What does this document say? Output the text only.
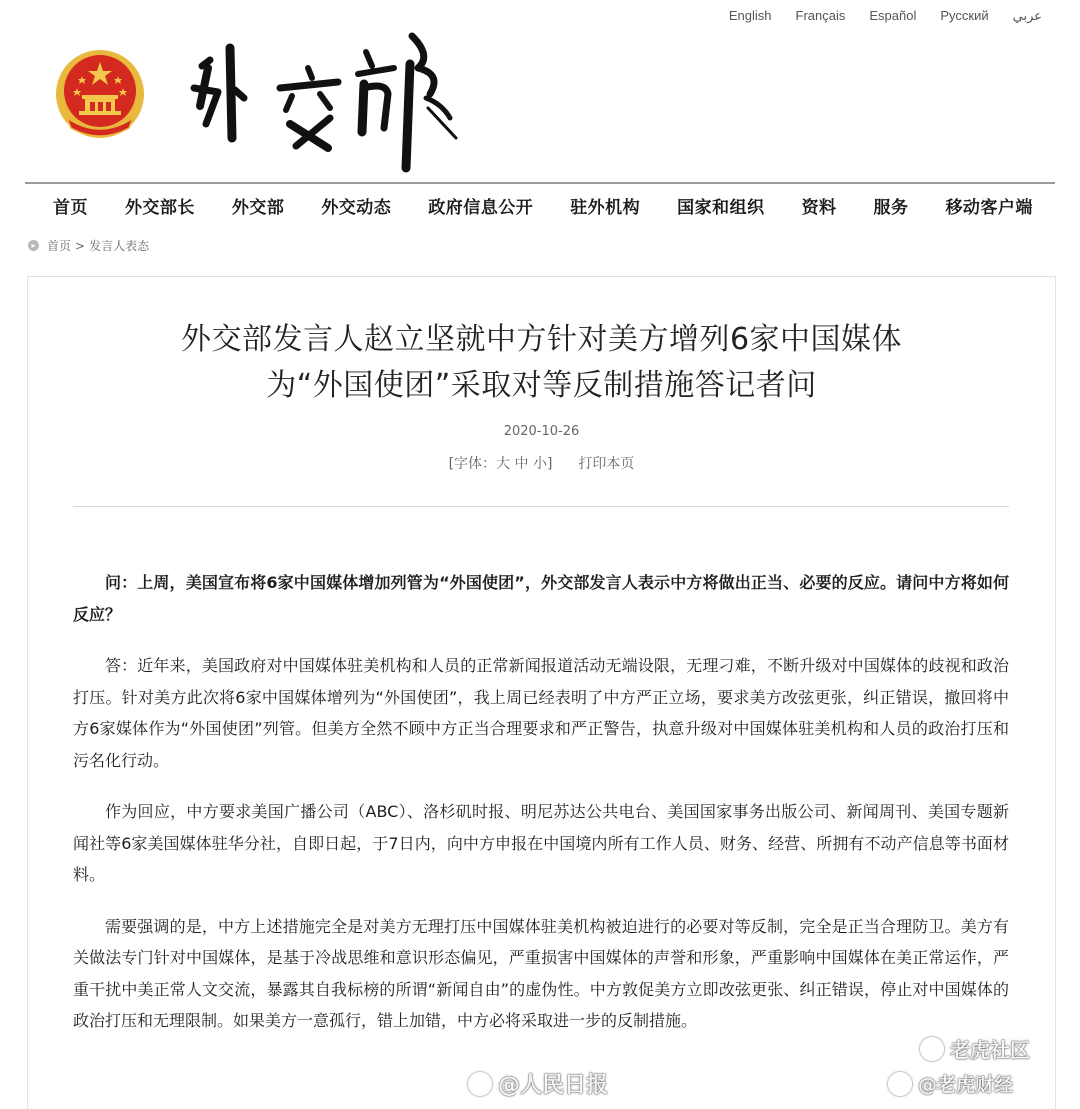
English Français Español Русский عربي
首页 外交部长 外交部 外交动态 政府信息公开 驻外机构 国家和组织 资料 服务 移动客户端
▸ 首页 > 发言人表态
外交部发言人赵立坚就中方针对美方增列6家中国媒体
为“外国使团”采取对等反制措施答记者问
2020-10-26
[字体：大 中 小] 打印本页

问：上周，美国宣布将6家中国媒体增加列管为“外国使团”，外交部发言人表示中方将做出正当、必要的反应。请问中方将如何反应？

答：近年来，美国政府对中国媒体驻美机构和人员的正常新闻报道活动无端设限，无理刁难，不断升级对中国媒体的歧视和政治打压。针对美方此次将6家中国媒体增列为“外国使团”，我上周已经表明了中方严正立场，要求美方改弦更张，纠正错误，撤回将中方6家媒体作为“外国使团”列管。但美方全然不顾中方正当合理要求和严正警告，执意升级对中国媒体驻美机构和人员的政治打压和污名化行动。

作为回应，中方要求美国广播公司（ABC）、洛杉矶时报、明尼苏达公共电台、美国国家事务出版公司、新闻周刊、美国专题新闻社等6家美国媒体驻华分社，自即日起，于7日内，向中方申报在中国境内所有工作人员、财务、经营、所拥有不动产信息等书面材料。

需要强调的是，中方上述措施完全是对美方无理打压中国媒体驻美机构被迫进行的必要对等反制，完全是正当合理防卫。美方有关做法专门针对中国媒体，是基于冷战思维和意识形态偏见，严重损害中国媒体的声誉和形象，严重影响中国媒体在美正常运作，严重干扰中美正常人文交流，暴露其自我标榜的所谓“新闻自由”的虚伪性。中方敦促美方立即改弦更张、纠正错误，停止对中国媒体的政治打压和无理限制。如果美方一意孤行，错上加错，中方必将采取进一步的反制措施。

@人民日报
老虎社区
@老虎财经
